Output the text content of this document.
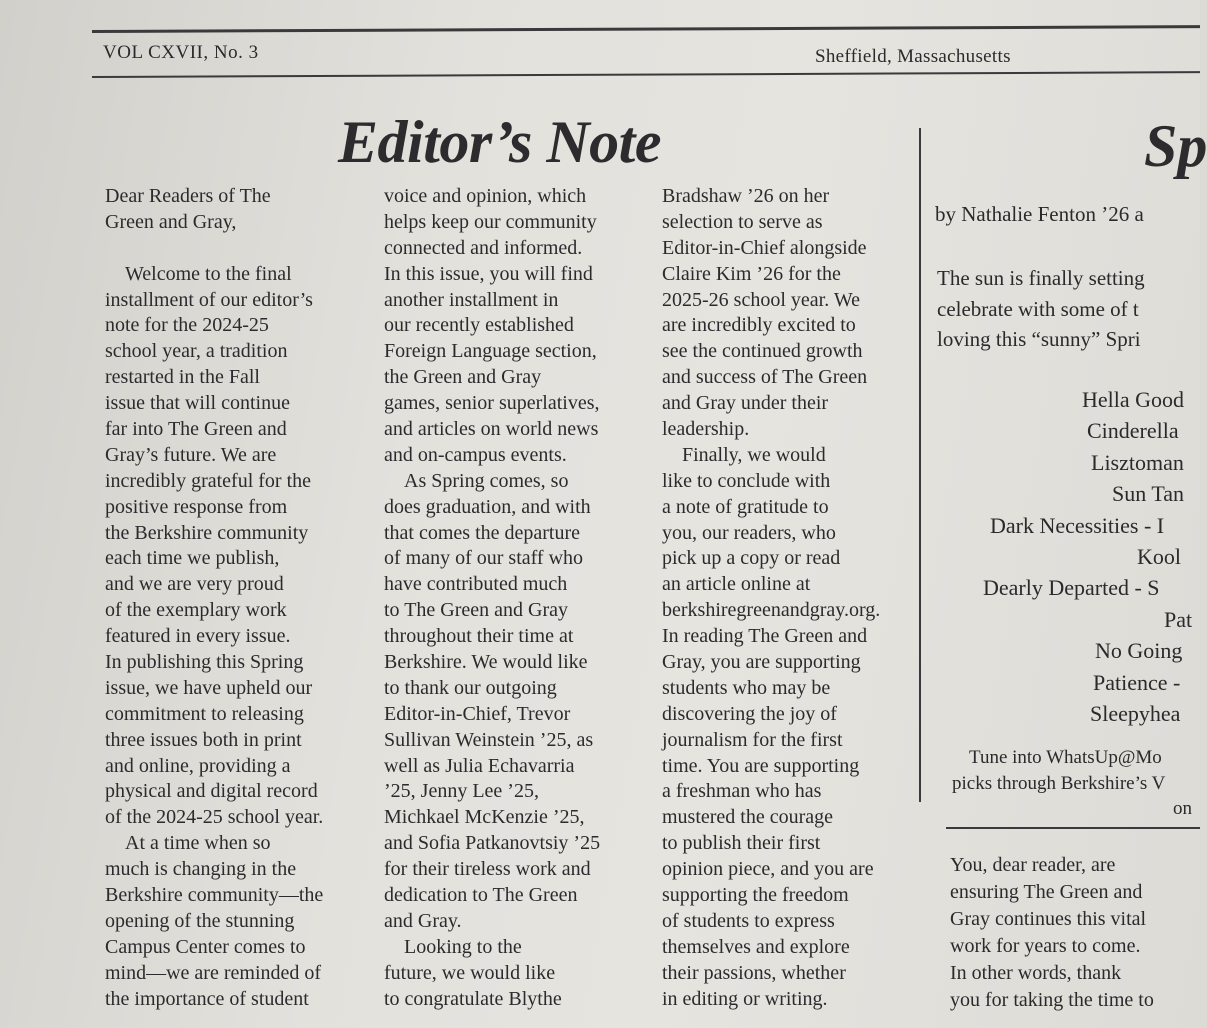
VOL CXVII, No. 3	Sheffield, Massachusetts
Editor’s Note
Dear Readers of The
Green and Gray,

Welcome to the final
installment of our editor’s
note for the 2024-25
school year, a tradition
restarted in the Fall
issue that will continue
far into The Green and
Gray’s future. We are
incredibly grateful for the
positive response from
the Berkshire community
each time we publish,
and we are very proud
of the exemplary work
featured in every issue.
In publishing this Spring
issue, we have upheld our
commitment to releasing
three issues both in print
and online, providing a
physical and digital record
of the 2024-25 school year.
At a time when so
much is changing in the
Berkshire community—the
opening of the stunning
Campus Center comes to
mind—we are reminded of
the importance of student
voice and opinion, which
helps keep our community
connected and informed.
In this issue, you will find
another installment in
our recently established
Foreign Language section,
the Green and Gray
games, senior superlatives,
and articles on world news
and on-campus events.
As Spring comes, so
does graduation, and with
that comes the departure
of many of our staff who
have contributed much
to The Green and Gray
throughout their time at
Berkshire. We would like
to thank our outgoing
Editor-in-Chief, Trevor
Sullivan Weinstein ’25, as
well as Julia Echavarria
’25, Jenny Lee ’25,
Michkael McKenzie ’25,
and Sofia Patkanovtsiy ’25
for their tireless work and
dedication to The Green
and Gray.
Looking to the
future, we would like
to congratulate Blythe
Bradshaw ’26 on her
selection to serve as
Editor-in-Chief alongside
Claire Kim ’26 for the
2025-26 school year. We
are incredibly excited to
see the continued growth
and success of The Green
and Gray under their
leadership.
Finally, we would
like to conclude with
a note of gratitude to
you, our readers, who
pick up a copy or read
an article online at
berkshiregreenandgray.org.
In reading The Green and
Gray, you are supporting
students who may be
discovering the joy of
journalism for the first
time. You are supporting
a freshman who has
mustered the courage
to publish their first
opinion piece, and you are
supporting the freedom
of students to express
themselves and explore
their passions, whether
in editing or writing.
Sp
by Nathalie Fenton ’26 a
The sun is finally setting
celebrate with some of t
loving this “sunny” Spri
Hella Good
Cinderella
Lisztoman
Sun Tan
Dark Necessities - I
Kool
Dearly Departed - S
Pat
No Going
Patience -
Sleepyhea
Tune into WhatsUp@Mo
picks through Berkshire’s V
on
You, dear reader, are
ensuring The Green and
Gray continues this vital
work for years to come.
In other words, thank
you for taking the time to
